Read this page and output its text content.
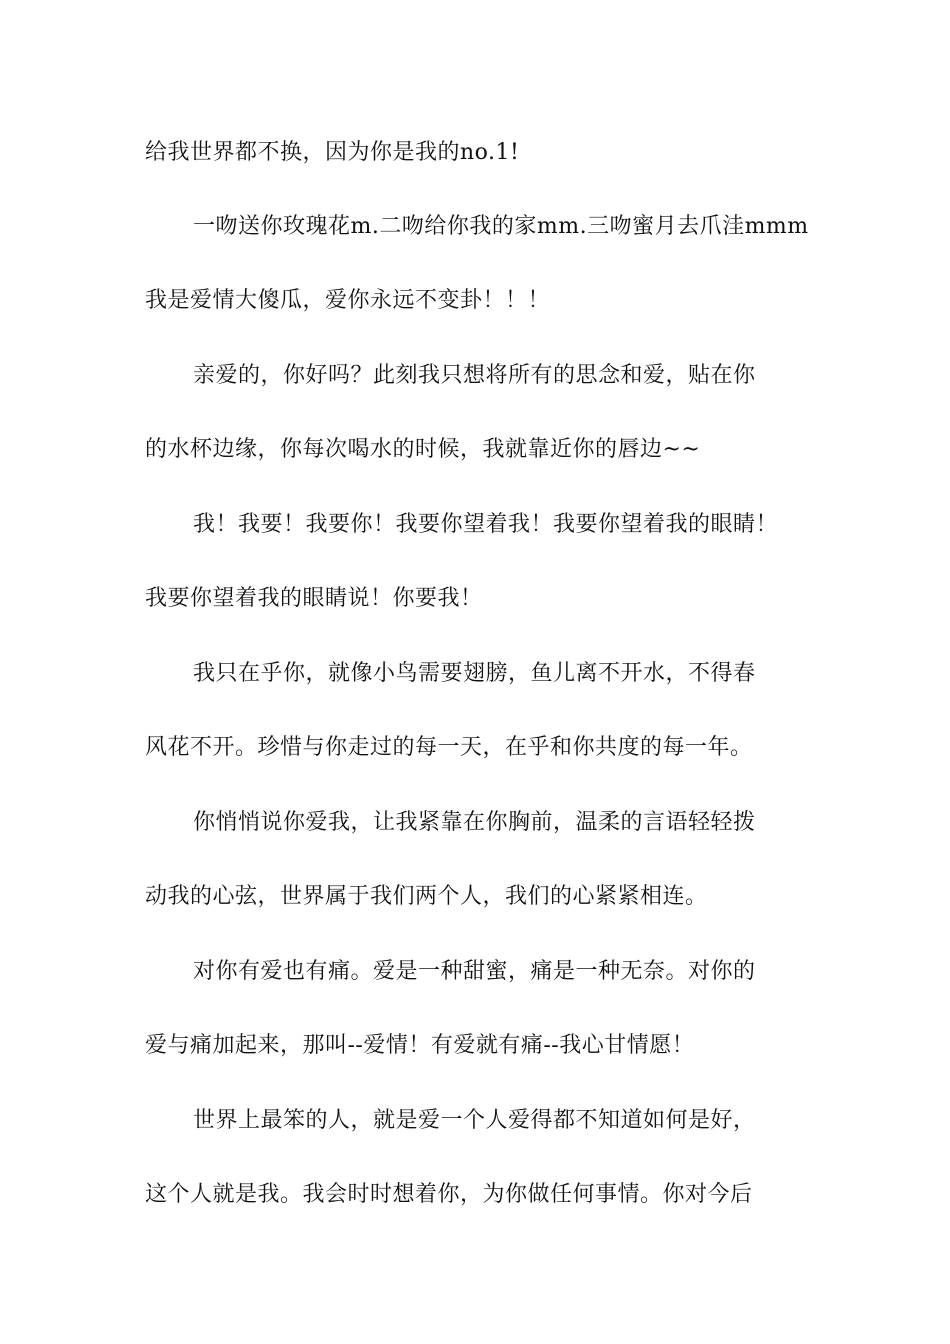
给我世界都不换，因为你是我的no.1!
一吻送你玫瑰花m.二吻给你我的家mm.三吻蜜月去爪洼mmm
我是爱情大傻瓜，爱你永远不变卦！！！
亲爱的，你好吗？此刻我只想将所有的思念和爱，贴在你
的水杯边缘，你每次喝水的时候，我就靠近你的唇边~~
我！我要！我要你！我要你望着我！我要你望着我的眼睛！
我要你望着我的眼睛说！你要我！
我只在乎你，就像小鸟需要翅膀，鱼儿离不开水，不得春
风花不开。珍惜与你走过的每一天，在乎和你共度的每一年。
你悄悄说你爱我，让我紧靠在你胸前，温柔的言语轻轻拨
动我的心弦，世界属于我们两个人，我们的心紧紧相连。
对你有爱也有痛。爱是一种甜蜜，痛是一种无奈。对你的
爱与痛加起来，那叫--爱情！有爱就有痛--我心甘情愿！
世界上最笨的人，就是爱一个人爱得都不知道如何是好，
这个人就是我。我会时时想着你，为你做任何事情。你对今后
